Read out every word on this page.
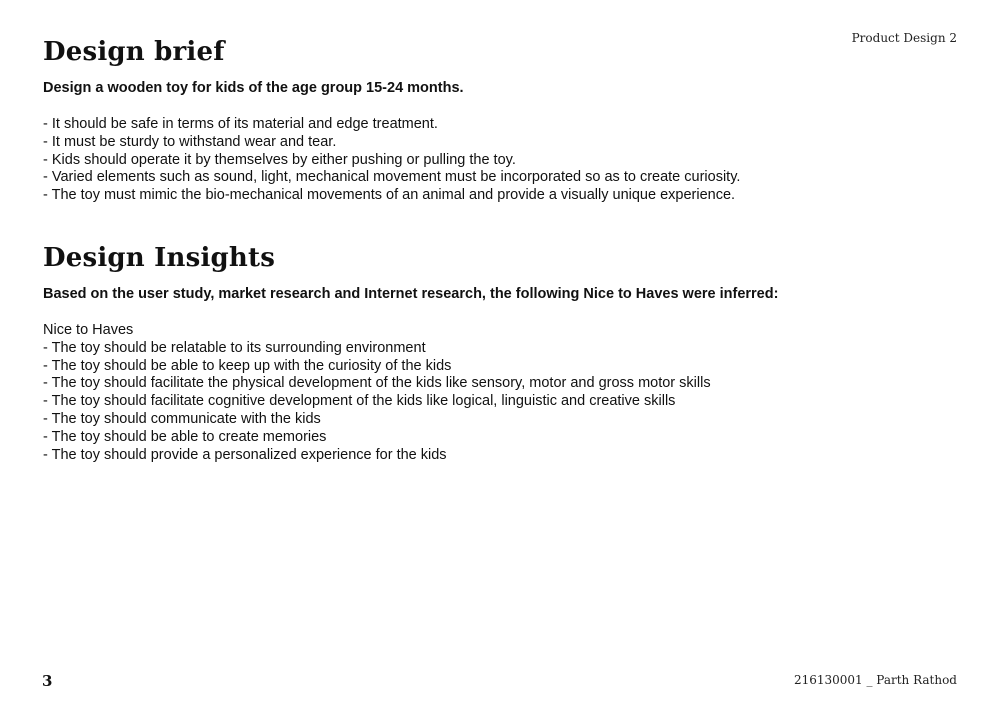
Product Design 2
Design brief

Design a wooden toy for kids of the age group 15-24 months.

- It should be safe in terms of its material and edge treatment.
- It must be sturdy to withstand wear and tear.
- Kids should operate it by themselves by either pushing or pulling the toy.
- Varied elements such as sound, light, mechanical movement must be incorporated so as to create curiosity.
- The toy must mimic the bio-mechanical movements of an animal and provide a visually unique experience.
Design Insights

Based on the user study, market research and Internet research, the following Nice to Haves were inferred:

Nice to Haves

- The toy should be relatable to its surrounding environment
- The toy should be able to keep up with the curiosity of the kids
- The toy should facilitate the physical development of the kids like sensory, motor and gross motor skills
- The toy should facilitate cognitive development of the kids like logical, linguistic and creative skills
- The toy should communicate with the kids
- The toy should be able to create memories
- The toy should provide a personalized experience for the kids
3	216130001 _ Parth Rathod
